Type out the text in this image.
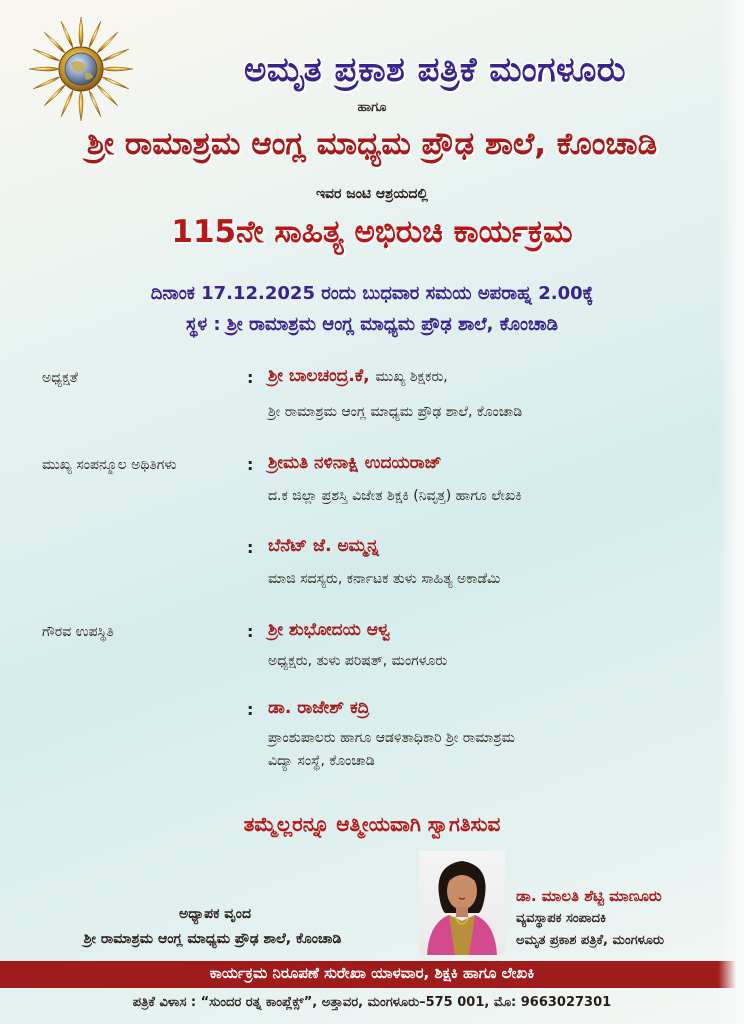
ಅಮೃತ ಪ್ರಕಾಶ ಪತ್ರಿಕೆ ಮಂಗಳೂರು
ಹಾಗೂ
ಶ್ರೀ ರಾಮಾಶ್ರಮ ಆಂಗ್ಲ ಮಾಧ್ಯಮ ಪ್ರೌಢ ಶಾಲೆ, ಕೊಂಚಾಡಿ
ಇವರ ಜಂಟಿ ಆಶ್ರಯದಲ್ಲಿ
115ನೇ ಸಾಹಿತ್ಯ ಅಭಿರುಚಿ ಕಾರ್ಯಕ್ರಮ
ದಿನಾಂಕ 17.12.2025 ರಂದು ಬುಧವಾರ ಸಮಯ ಅಪರಾಹ್ನ 2.00ಕ್ಕೆ
ಸ್ಥಳ : ಶ್ರೀ ರಾಮಾಶ್ರಮ ಆಂಗ್ಲ ಮಾಧ್ಯಮ ಪ್ರೌಢ ಶಾಲೆ, ಕೊಂಚಾಡಿ
ಅಧ್ಯಕ್ಷತೆ	: ಶ್ರೀ ಬಾಲಚಂದ್ರ.ಕೆ, ಮುಖ್ಯ ಶಿಕ್ಷಕರು,
ಶ್ರೀ ರಾಮಾಶ್ರಮ ಆಂಗ್ಲ ಮಾಧ್ಯಮ ಪ್ರೌಢ ಶಾಲೆ, ಕೊಂಚಾಡಿ
ಮುಖ್ಯ ಸಂಪನ್ಮೂಲ ಅಥಿತಿಗಳು	: ಶ್ರೀಮತಿ ನಳಿನಾಕ್ಷಿ ಉದಯರಾಜ್
ದ.ಕ ಜಿಲ್ಲಾ ಪ್ರಶಸ್ತಿ ವಿಜೇತ ಶಿಕ್ಷಕಿ (ನಿವೃತ್ತ) ಹಾಗೂ ಲೇಖಕಿ
: ಬೆನೆಟ್ ಜೆ. ಅಮ್ಮನ್ನ
ಮಾಜಿ ಸದಸ್ಯರು, ಕರ್ನಾಟಕ ತುಳು ಸಾಹಿತ್ಯ ಅಕಾಡೆಮಿ
ಗೌರವ ಉಪಸ್ಥಿತಿ	: ಶ್ರೀ ಶುಭೋದಯ ಆಳ್ವ
ಅಧ್ಯಕ್ಷರು, ತುಳು ಪರಿಷತ್, ಮಂಗಳೂರು
: ಡಾ. ರಾಜೇಶ್ ಕದ್ರಿ
ಪ್ರಾಂಶುಪಾಲರು ಹಾಗೂ ಆಡಳಿತಾಧಿಕಾರಿ ಶ್ರೀ ರಾಮಾಶ್ರಮ
ವಿದ್ಯಾ ಸಂಸ್ಥೆ, ಕೊಂಚಾಡಿ
ತಮ್ಮೆಲ್ಲರನ್ನೂ ಆತ್ಮೀಯವಾಗಿ ಸ್ವಾಗತಿಸುವ
ಅಧ್ಯಾಪಕ ವೃಂದ
ಶ್ರೀ ರಾಮಾಶ್ರಮ ಆಂಗ್ಲ ಮಾಧ್ಯಮ ಪ್ರೌಢ ಶಾಲೆ, ಕೊಂಚಾಡಿ
ಡಾ. ಮಾಲತಿ ಶೆಟ್ಟಿ ಮಾಣೂರು
ವ್ಯವಸ್ಥಾಪಕ ಸಂಪಾದಕಿ
ಅಮೃತ ಪ್ರಕಾಶ ಪತ್ರಿಕೆ, ಮಂಗಳೂರು
ಕಾರ್ಯಕ್ರಮ ನಿರೂಪಣೆ ಸುರೇಖಾ ಯಾಳವಾರ, ಶಿಕ್ಷಕಿ ಹಾಗೂ ಲೇಖಕಿ
ಪತ್ರಿಕೆ ವಿಳಾಸ : “ಸುಂದರ ರತ್ನ ಕಾಂಪ್ಲೆಕ್ಸ್”, ಅತ್ತಾವರ, ಮಂಗಳೂರು–575 001, ಮೊ: 9663027301
